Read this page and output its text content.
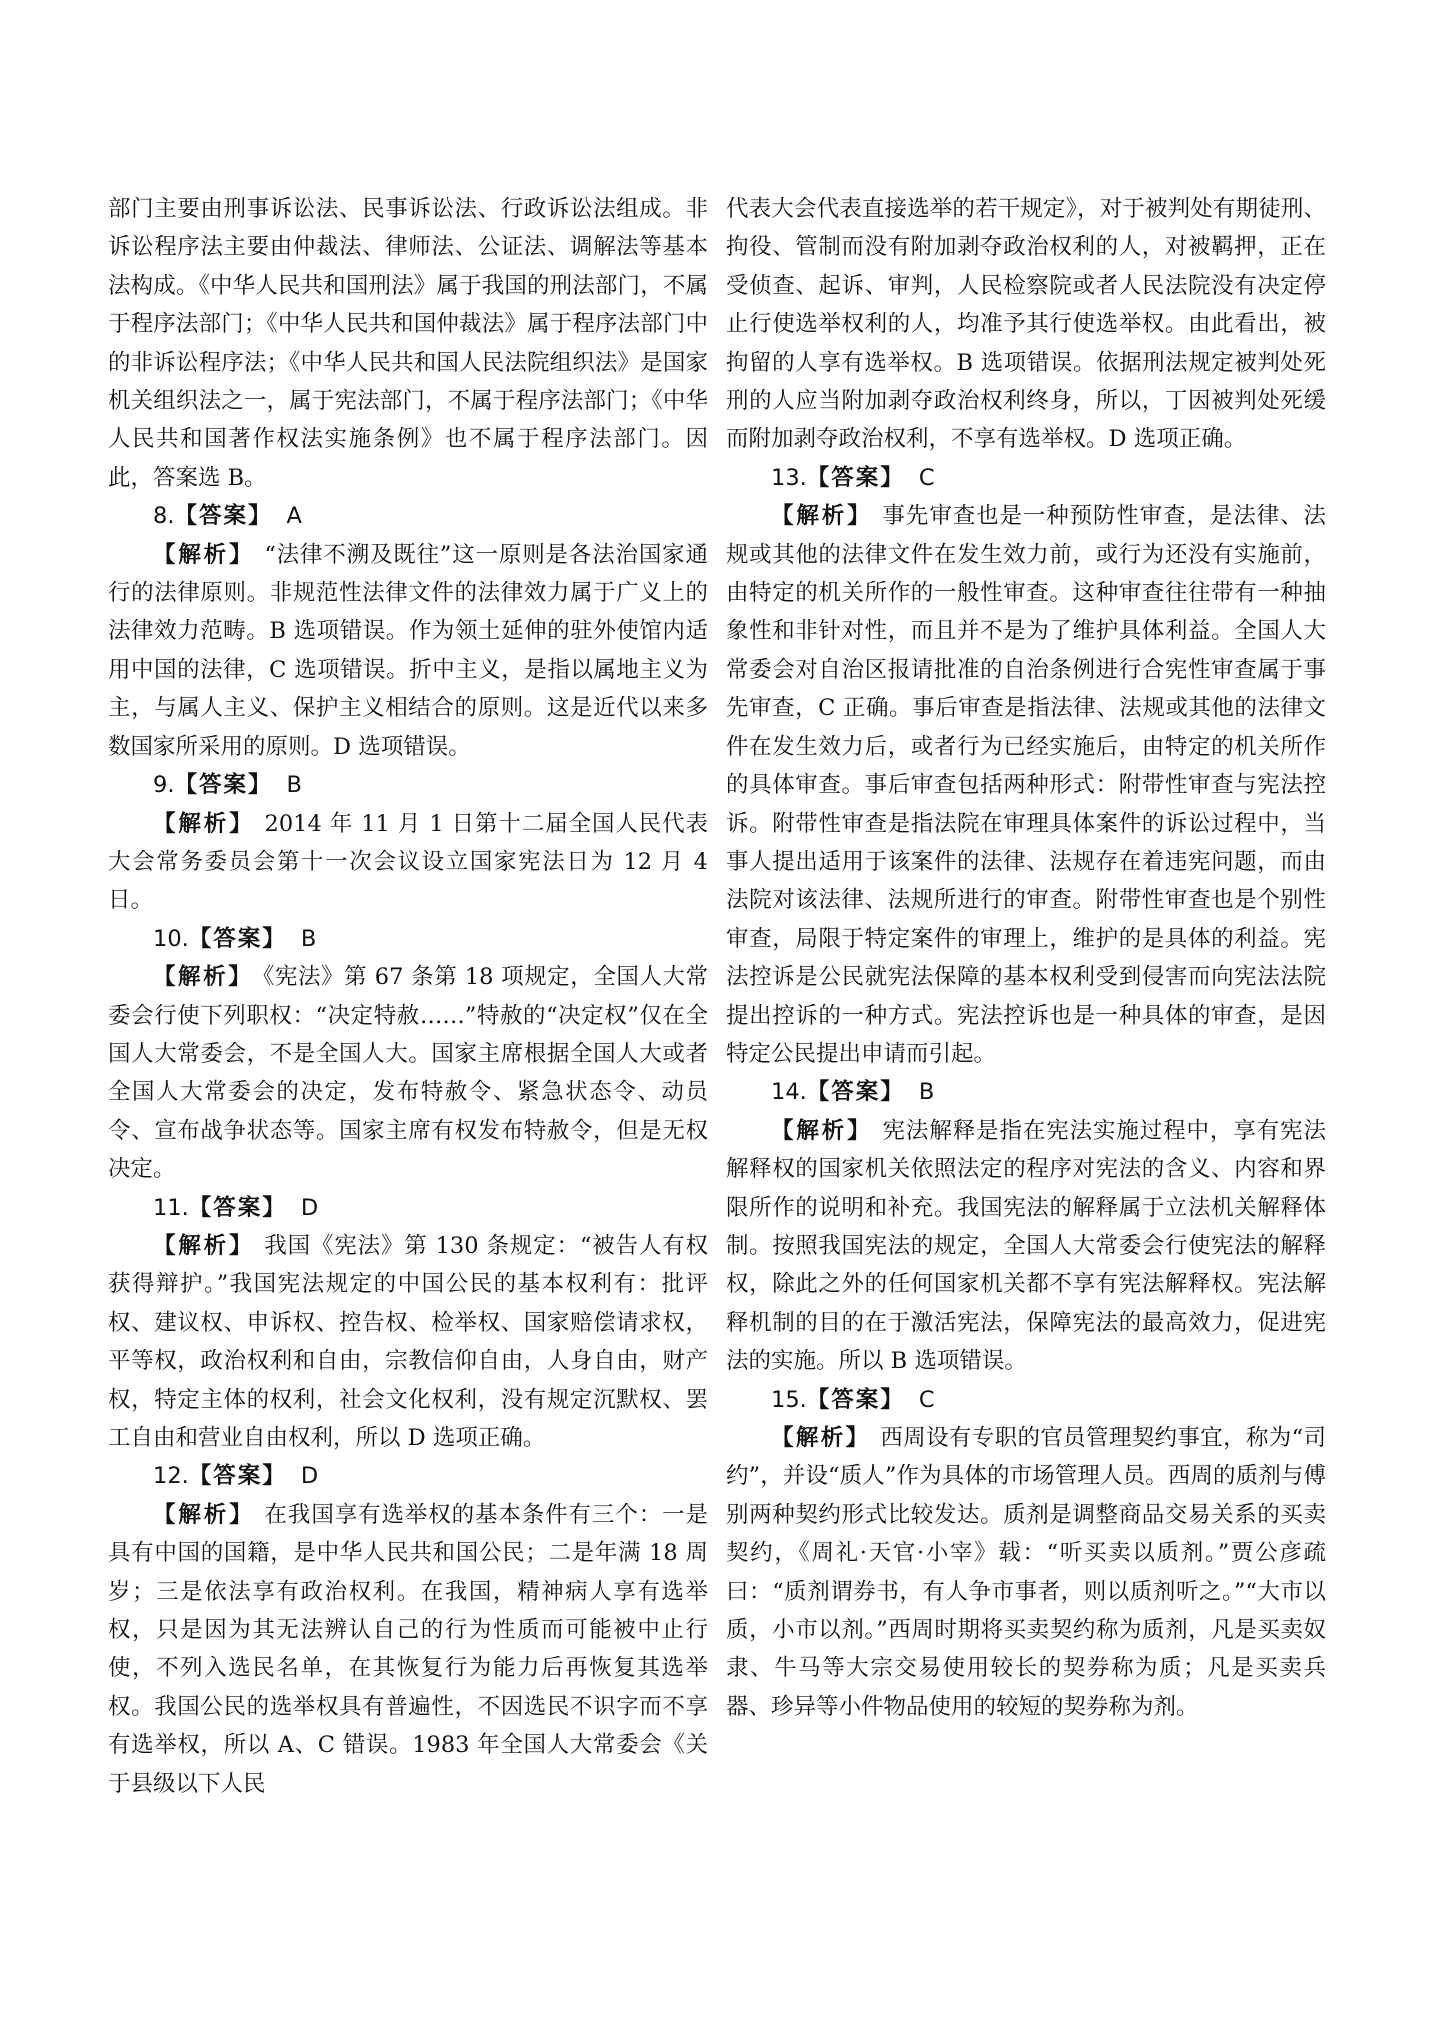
部门主要由刑事诉讼法、民事诉讼法、行政诉讼法组成。非诉讼程序法主要由仲裁法、律师法、公证法、调解法等基本法构成。《中华人民共和国刑法》属于我国的刑法部门，不属于程序法部门；《中华人民共和国仲裁法》属于程序法部门中的非诉讼程序法；《中华人民共和国人民法院组织法》是国家机关组织法之一，属于宪法部门，不属于程序法部门；《中华人民共和国著作权法实施条例》也不属于程序法部门。因此，答案选 B。

8.【答案】 A

【解析】 “法律不溯及既往”这一原则是各法治国家通行的法律原则。非规范性法律文件的法律效力属于广义上的法律效力范畴。B 选项错误。作为领土延伸的驻外使馆内适用中国的法律，C 选项错误。折中主义，是指以属地主义为主，与属人主义、保护主义相结合的原则。这是近代以来多数国家所采用的原则。D 选项错误。

9.【答案】 B

【解析】 2014 年 11 月 1 日第十二届全国人民代表大会常务委员会第十一次会议设立国家宪法日为 12 月 4 日。

10.【答案】 B

【解析】 《宪法》第 67 条第 18 项规定，全国人大常委会行使下列职权：“决定特赦……”特赦的“决定权”仅在全国人大常委会，不是全国人大。国家主席根据全国人大或者全国人大常委会的决定，发布特赦令、紧急状态令、动员令、宣布战争状态等。国家主席有权发布特赦令，但是无权决定。

11.【答案】 D

【解析】 我国《宪法》第 130 条规定：“被告人有权获得辩护。”我国宪法规定的中国公民的基本权利有：批评权、建议权、申诉权、控告权、检举权、国家赔偿请求权，平等权，政治权利和自由，宗教信仰自由，人身自由，财产权，特定主体的权利，社会文化权利，没有规定沉默权、罢工自由和营业自由权利，所以 D 选项正确。

12.【答案】 D

【解析】 在我国享有选举权的基本条件有三个：一是具有中国的国籍，是中华人民共和国公民；二是年满 18 周岁；三是依法享有政治权利。在我国，精神病人享有选举权，只是因为其无法辨认自己的行为性质而可能被中止行使，不列入选民名单，在其恢复行为能力后再恢复其选举权。我国公民的选举权具有普遍性，不因选民不识字而不享有选举权，所以 A、C 错误。1983 年全国人大常委会《关于县级以下人民

代表大会代表直接选举的若干规定》，对于被判处有期徒刑、拘役、管制而没有附加剥夺政治权利的人，对被羁押，正在受侦查、起诉、审判，人民检察院或者人民法院没有决定停止行使选举权利的人，均准予其行使选举权。由此看出，被拘留的人享有选举权。B 选项错误。依据刑法规定被判处死刑的人应当附加剥夺政治权利终身，所以，丁因被判处死缓而附加剥夺政治权利，不享有选举权。D 选项正确。

13.【答案】 C

【解析】 事先审查也是一种预防性审查，是法律、法规或其他的法律文件在发生效力前，或行为还没有实施前，由特定的机关所作的一般性审查。这种审查往往带有一种抽象性和非针对性，而且并不是为了维护具体利益。全国人大常委会对自治区报请批准的自治条例进行合宪性审查属于事先审查，C 正确。事后审查是指法律、法规或其他的法律文件在发生效力后，或者行为已经实施后，由特定的机关所作的具体审查。事后审查包括两种形式：附带性审查与宪法控诉。附带性审查是指法院在审理具体案件的诉讼过程中，当事人提出适用于该案件的法律、法规存在着违宪问题，而由法院对该法律、法规所进行的审查。附带性审查也是个别性审查，局限于特定案件的审理上，维护的是具体的利益。宪法控诉是公民就宪法保障的基本权利受到侵害而向宪法法院提出控诉的一种方式。宪法控诉也是一种具体的审查，是因特定公民提出申请而引起。

14.【答案】 B

【解析】 宪法解释是指在宪法实施过程中，享有宪法解释权的国家机关依照法定的程序对宪法的含义、内容和界限所作的说明和补充。我国宪法的解释属于立法机关解释体制。按照我国宪法的规定，全国人大常委会行使宪法的解释权，除此之外的任何国家机关都不享有宪法解释权。宪法解释机制的目的在于激活宪法，保障宪法的最高效力，促进宪法的实施。所以 B 选项错误。

15.【答案】 C

【解析】 西周设有专职的官员管理契约事宜，称为“司约”，并设“质人”作为具体的市场管理人员。西周的质剂与傅别两种契约形式比较发达。质剂是调整商品交易关系的买卖契约，《周礼·天官·小宰》载：“听买卖以质剂。”贾公彦疏曰：“质剂谓券书，有人争市事者，则以质剂听之。”“大市以质，小市以剂。”西周时期将买卖契约称为质剂，凡是买卖奴隶、牛马等大宗交易使用较长的契券称为质；凡是买卖兵器、珍异等小件物品使用的较短的契券称为剂。
